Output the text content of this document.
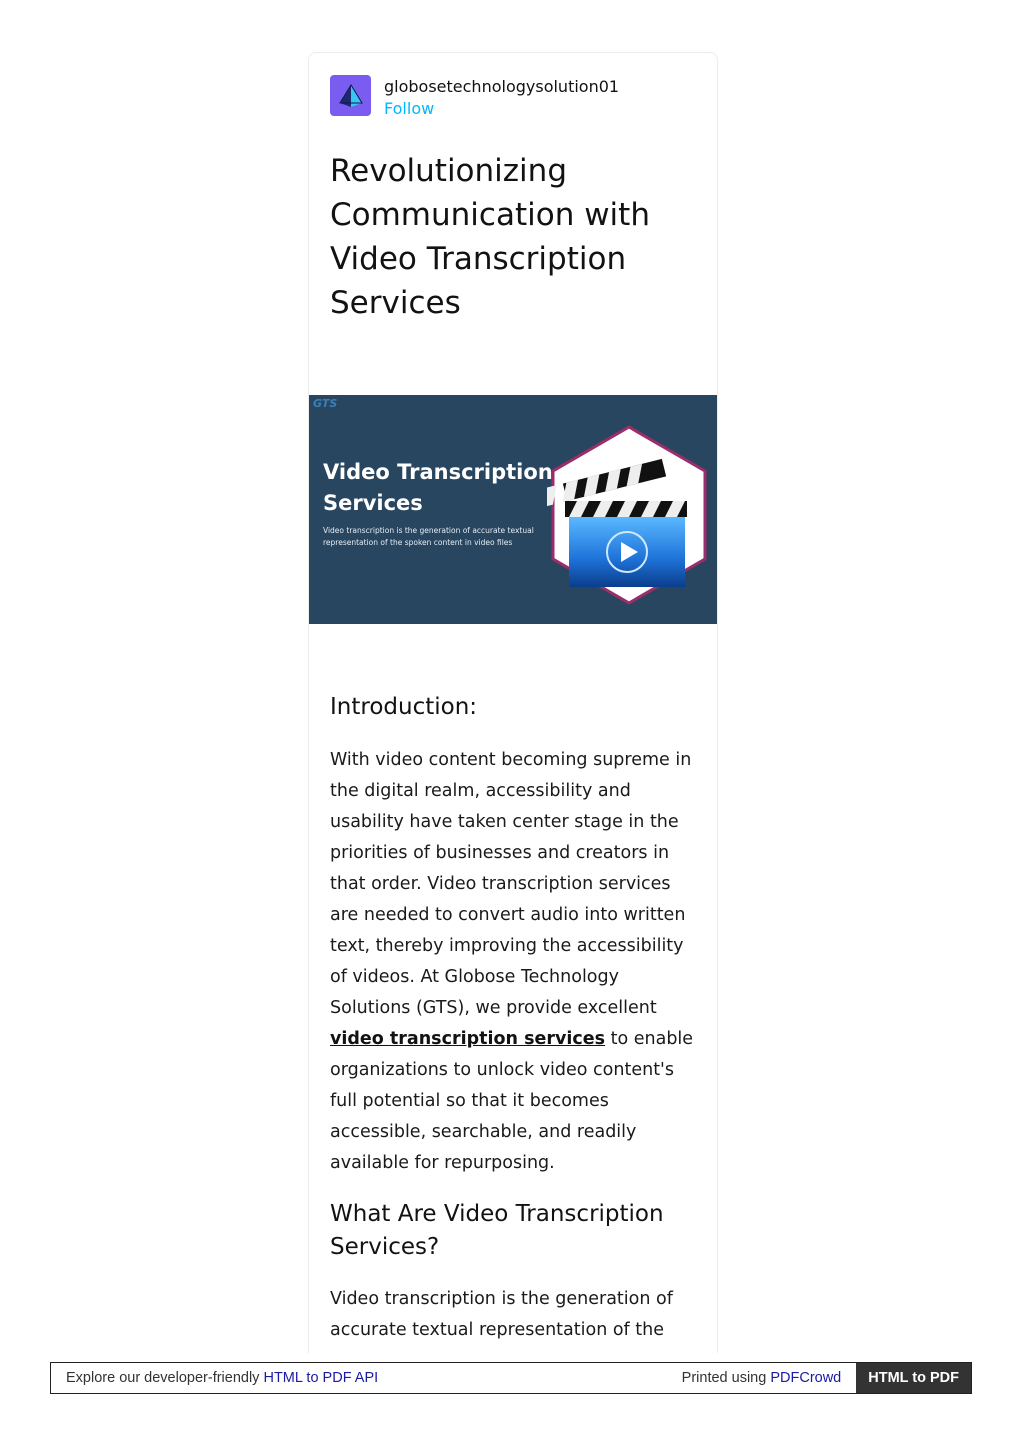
globosetechnologysolution01
Follow
Revolutionizing Communication with Video Transcription Services
GTS
Video Transcription
Services
Video transcription is the generation of accurate textual representation of the spoken content in video files
Introduction:

With video content becoming supreme in the digital realm, accessibility and usability have taken center stage in the priorities of businesses and creators in that order. Video transcription services are needed to convert audio into written text, thereby improving the accessibility of videos. At Globose Technology Solutions (GTS), we provide excellent video transcription services to enable organizations to unlock video content's full potential so that it becomes accessible, searchable, and readily available for repurposing.

What Are Video Transcription Services?

Video transcription is the generation of accurate textual representation of the

Explore our developer-friendly HTML to PDF API	Printed using PDFCrowd	HTML to PDF
